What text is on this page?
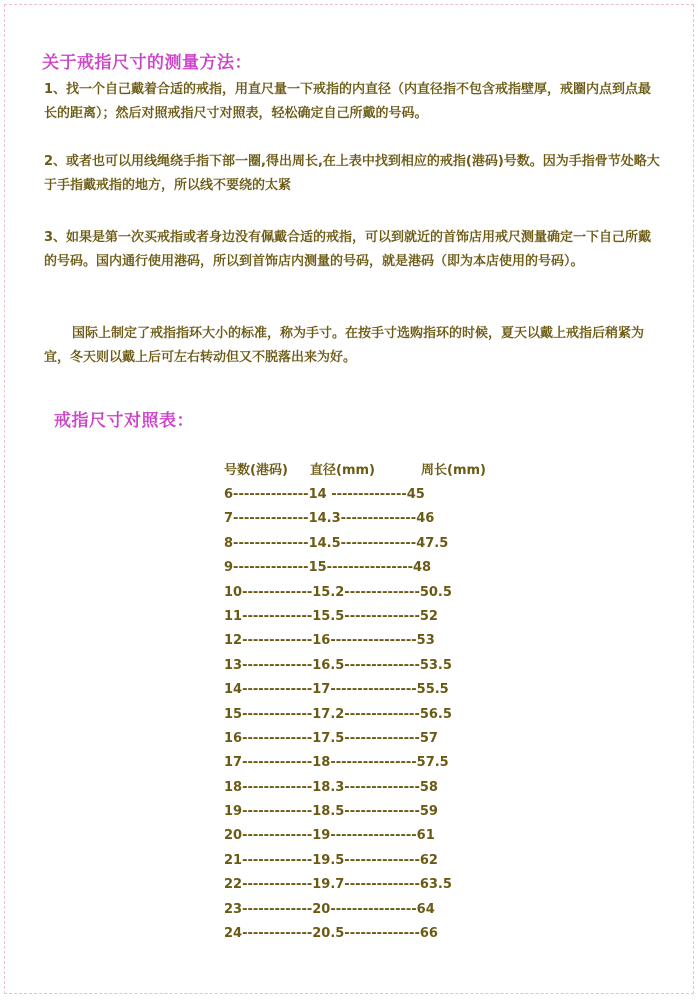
关于戒指尺寸的测量方法：
1、找一个自己戴着合适的戒指，用直尺量一下戒指的内直径（内直径指不包含戒指壁厚，戒圈内点到点最长的距离）；然后对照戒指尺寸对照表，轻松确定自己所戴的号码。
2、或者也可以用线绳绕手指下部一圈,得出周长,在上表中找到相应的戒指(港码)号数。因为手指骨节处略大于手指戴戒指的地方，所以线不要绕的太紧
3、如果是第一次买戒指或者身边没有佩戴合适的戒指，可以到就近的首饰店用戒尺测量确定一下自己所戴的号码。国内通行使用港码，所以到首饰店内测量的号码，就是港码（即为本店使用的号码）。
国际上制定了戒指指环大小的标准，称为手寸。在按手寸选购指环的时候，夏天以戴上戒指后稍紧为宜，冬天则以戴上后可左右转动但又不脱落出来为好。
戒指尺寸对照表：
号数(港码) 直径(mm)	周长(mm)
6--------------14 --------------45
7--------------14.3--------------46
8--------------14.5--------------47.5
9--------------15----------------48
10-------------15.2--------------50.5
11-------------15.5--------------52
12-------------16----------------53
13-------------16.5--------------53.5
14-------------17----------------55.5
15-------------17.2--------------56.5
16-------------17.5--------------57
17-------------18----------------57.5
18-------------18.3--------------58
19-------------18.5--------------59
20-------------19----------------61
21-------------19.5--------------62
22-------------19.7--------------63.5
23-------------20----------------64
24-------------20.5--------------66
